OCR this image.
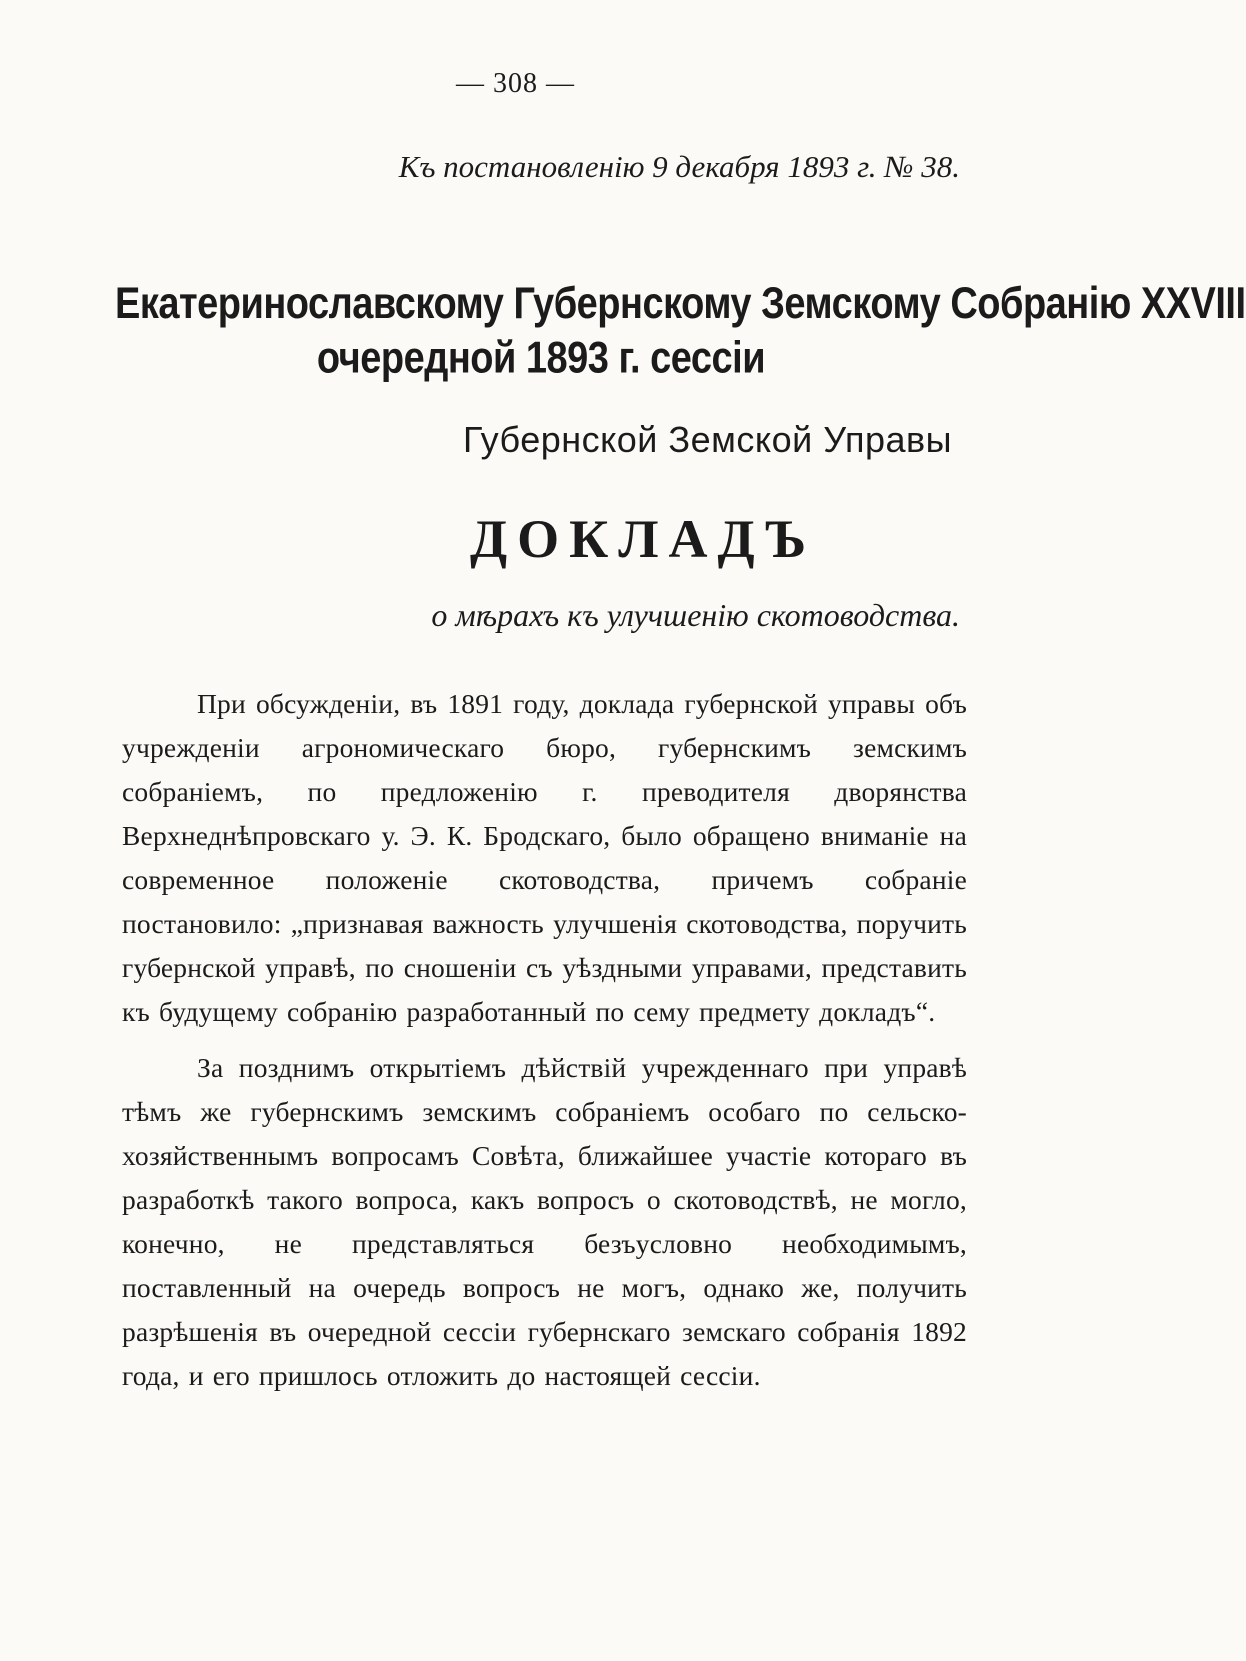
— 308 —
Къ постановленію 9 декабря 1893 г. № 38.
Екатеринославскому Губернскому Земскому Собранію XXVIII
очередной 1893 г. сессіи
Губернской Земской Управы
ДОКЛАДЪ
о мѣрахъ къ улучшенію скотоводства.

При обсужденіи, въ 1891 году, доклада губернской управы объ учрежденіи агрономическаго бюро, губернскимъ земскимъ собраніемъ, по предложенію г. преводителя дворянства Верхнеднѣпровскаго у. Э. К. Бродскаго, было обращено вниманіе на современное положеніе скотоводства, причемъ собраніе постановило: „признавая важность улучшенія скотоводства, поручить губернской управѣ, по сношеніи съ уѣздными управами, представить къ будущему собранію разработанный по сему предмету докладъ“.

За позднимъ открытіемъ дѣйствій учрежденнаго при управѣ тѣмъ же губернскимъ земскимъ собраніемъ особаго по сельско-хозяйственнымъ вопросамъ Совѣта, ближайшее участіе котораго въ разработкѣ такого вопроса, какъ вопросъ о скотоводствѣ, не могло, конечно, не представляться безъусловно необходимымъ, поставленный на очередь вопросъ не могъ, однако же, получить разрѣшенія въ очередной сессіи губернскаго земскаго собранія 1892 года, и его пришлось отложить до настоящей сессіи.
